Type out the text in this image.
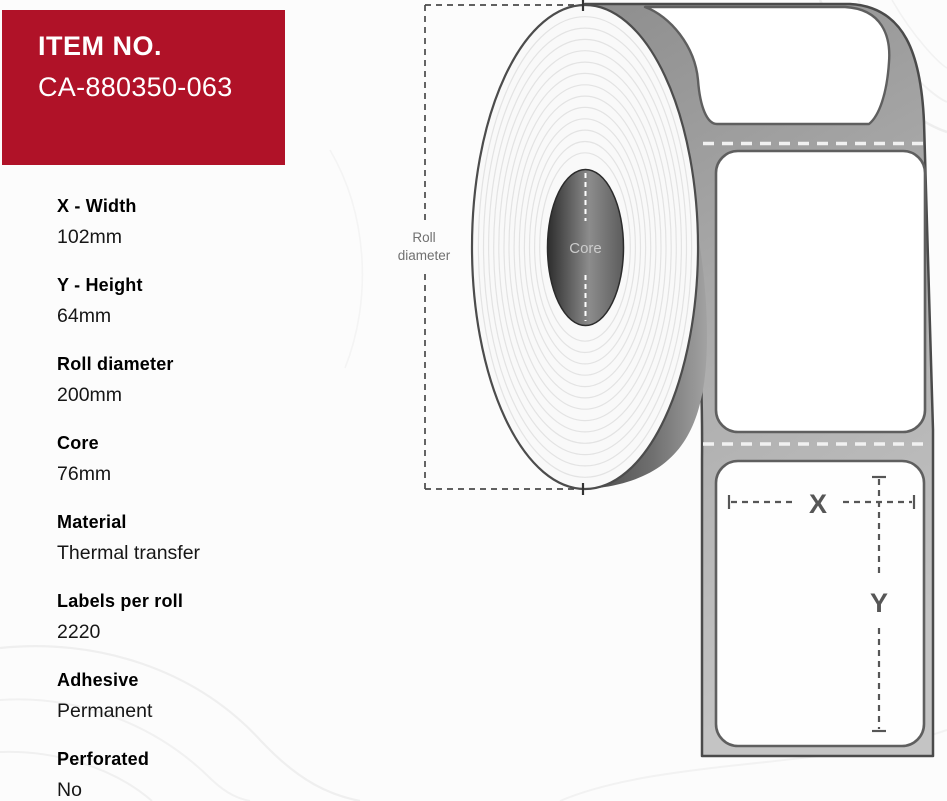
ITEM NO.
CA-880350-063
X - Width
102mm
Y - Height
64mm
Roll diameter
200mm
Core
76mm
Material
Thermal transfer
Labels per roll
2220
Adhesive
Permanent
Perforated
No
Core
Roll
diameter
X
Y
